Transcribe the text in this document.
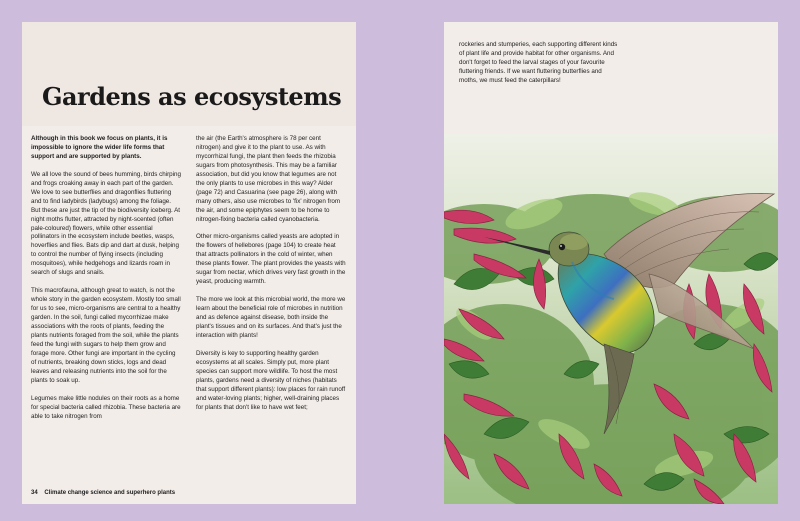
Gardens as ecosystems

Although in this book we focus on plants, it is impossible to ignore the wider life forms that support and are supported by plants.

We all love the sound of bees humming, birds chirping and frogs croaking away in each part of the garden. We love to see butterflies and dragonflies fluttering and to find ladybirds (ladybugs) among the foliage. But these are just the tip of the biodiversity iceberg. At night moths flutter, attracted by night-scented (often pale-coloured) flowers, while other essential pollinators in the ecosystem include beetles, wasps, hoverflies and flies. Bats dip and dart at dusk, helping to control the number of flying insects (including mosquitoes), while hedgehogs and lizards roam in search of slugs and snails.

This macrofauna, although great to watch, is not the whole story in the garden ecosystem. Mostly too small for us to see, micro-organisms are central to a healthy garden. In the soil, fungi called mycorrhizae make associations with the roots of plants, feeding the plants nutrients foraged from the soil, while the plants feed the fungi with sugars to help them grow and forage more. Other fungi are important in the cycling of nutrients, breaking down sticks, logs and dead leaves and releasing nutrients into the soil for the plants to soak up.

Legumes make little nodules on their roots as a home for special bacteria called rhizobia. These bacteria are able to take nitrogen from

the air (the Earth's atmosphere is 78 per cent nitrogen) and give it to the plant to use. As with mycorrhizal fungi, the plant then feeds the rhizobia sugars from photosynthesis. This may be a familiar association, but did you know that legumes are not the only plants to use microbes in this way? Alder (page 72) and Casuarina (see page 26), along with many others, also use microbes to 'fix' nitrogen from the air, and some epiphytes seem to be home to nitrogen-fixing bacteria called cyanobacteria.

Other micro-organisms called yeasts are adopted in the flowers of hellebores (page 104) to create heat that attracts pollinators in the cold of winter, when these plants flower. The plant provides the yeasts with sugar from nectar, which drives very fast growth in the yeast, producing warmth.

The more we look at this microbial world, the more we learn about the beneficial role of microbes in nutrition and as defence against disease, both inside the plant's tissues and on its surfaces. And that's just the interaction with plants!

Diversity is key to supporting healthy garden ecosystems at all scales. Simply put, more plant species can support more wildlife. To host the most plants, gardens need a diversity of niches (habitats that support different plants): low places for rain runoff and water-loving plants; higher, well-draining places for plants that don't like to have wet feet;

34 Climate change science and superhero plants
rockeries and stumperies, each supporting different kinds of plant life and provide habitat for other organisms. And don't forget to feed the larval stages of your favourite fluttering friends. If we want fluttering butterflies and moths, we must feed the caterpillars!
